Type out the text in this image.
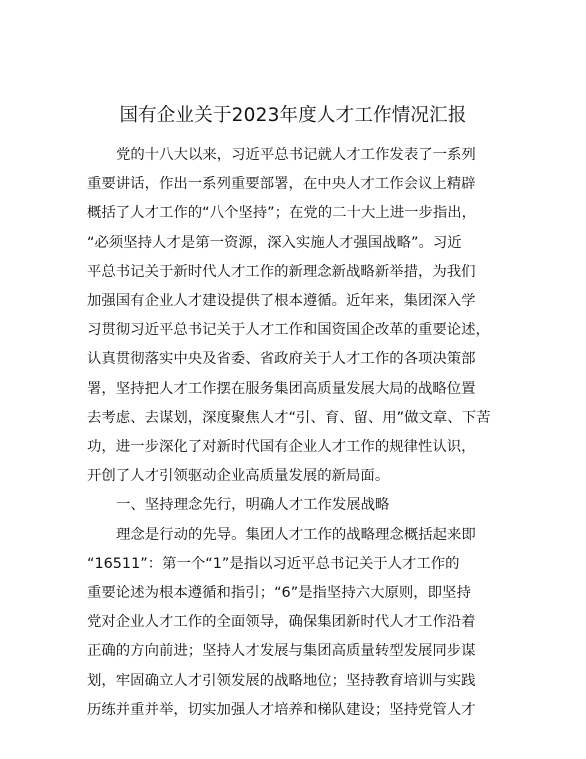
国有企业关于2023年度人才工作情况汇报
党的十八大以来，习近平总书记就人才工作发表了一系列
重要讲话，作出一系列重要部署，在中央人才工作会议上精辟
概括了人才工作的“八个坚持”；在党的二十大上进一步指出，
“必须坚持人才是第一资源，深入实施人才强国战略”。习近
平总书记关于新时代人才工作的新理念新战略新举措，为我们
加强国有企业人才建设提供了根本遵循。近年来，集团深入学
习贯彻习近平总书记关于人才工作和国资国企改革的重要论述，
认真贯彻落实中央及省委、省政府关于人才工作的各项决策部
署，坚持把人才工作摆在服务集团高质量发展大局的战略位置
去考虑、去谋划，深度聚焦人才“引、育、留、用”做文章、下苦
功，进一步深化了对新时代国有企业人才工作的规律性认识，
开创了人才引领驱动企业高质量发展的新局面。
一、坚持理念先行，明确人才工作发展战略
理念是行动的先导。集团人才工作的战略理念概括起来即
“16511”：第一个“1”是指以习近平总书记关于人才工作的
重要论述为根本遵循和指引；“6”是指坚持六大原则，即坚持
党对企业人才工作的全面领导，确保集团新时代人才工作沿着
正确的方向前进；坚持人才发展与集团高质量转型发展同步谋
划，牢固确立人才引领发展的战略地位；坚持教育培训与实践
历练并重并举，切实加强人才培养和梯队建设；坚持党管人才
